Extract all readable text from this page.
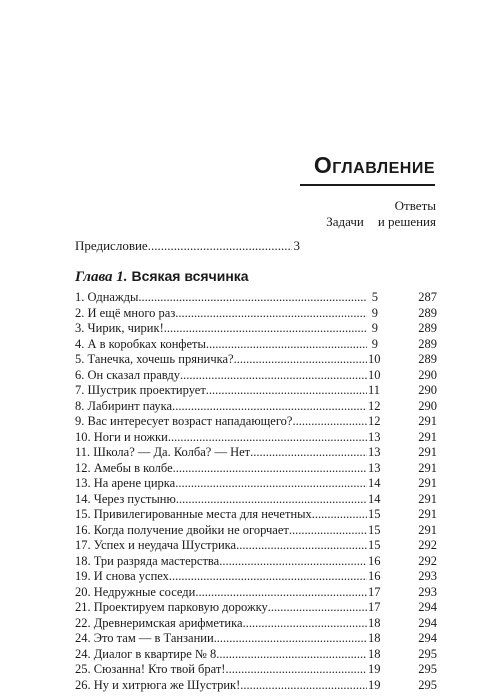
Оглавление
Ответы
Задачи и решения
Предисловие .....	3
Глава 1. Всякая всячинка
1. Однажды .....	5	287
2. И ещё много раз .....	9	289
3. Чирик, чирик! .....	9	289
4. А в коробках конфеты .....	9	289
5. Танечка, хочешь пряничка? .....	10	289
6. Он сказал правду .....	10	290
7. Шустрик проектирует .....	11	290
8. Лабиринт паука .....	12	290
9. Вас интересует возраст нападающего? .....	12	291
10. Ноги и ножки .....	13	291
11. Школа? — Да. Колба? — Нет .....	13	291
12. Амебы в колбе .....	13	291
13. На арене цирка .....	14	291
14. Через пустыню .....	14	291
15. Привилегированные места для нечетных .....	15	291
16. Когда получение двойки не огорчает .....	15	291
17. Успех и неудача Шустрика .....	15	292
18. Три разряда мастерства .....	16	292
19. И снова успех .....	16	293
20. Недружные соседи .....	17	293
21. Проектируем парковую дорожку .....	17	294
22. Древнеримская арифметика .....	18	294
24. Это там — в Танзании .....	18	294
24. Диалог в квартире № 8 .....	18	295
25. Сюзанна! Кто твой брат! .....	19	295
26. Ну и хитрюга же Шустрик! .....	19	295
